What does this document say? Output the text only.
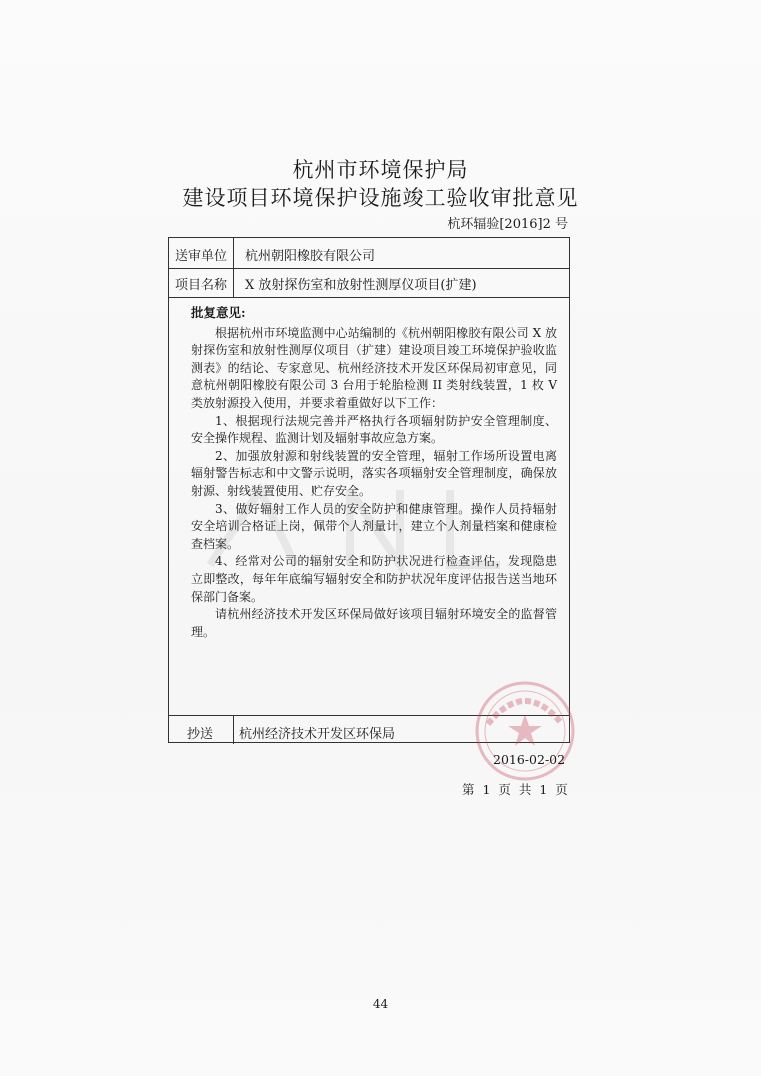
杭州市环境保护局
建设项目环境保护设施竣工验收审批意见
杭环辐验[2016]2 号
送审单位 杭州朝阳橡胶有限公司
项目名称 X 放射探伤室和放射性测厚仪项目(扩建)
批复意见:

根据杭州市环境监测中心站编制的《杭州朝阳橡胶有限公司 X 放射探伤室和放射性测厚仪项目（扩建）建设项目竣工环境保护验收监测表》的结论、专家意见、杭州经济技术开发区环保局初审意见，同意杭州朝阳橡胶有限公司 3 台用于轮胎检测 II 类射线装置，1 枚 V 类放射源投入使用，并要求着重做好以下工作：

1、根据现行法规完善并严格执行各项辐射防护安全管理制度、安全操作规程、监测计划及辐射事故应急方案。

2、加强放射源和射线装置的安全管理，辐射工作场所设置电离辐射警告标志和中文警示说明，落实各项辐射安全管理制度，确保放射源、射线装置使用、贮存安全。

3、做好辐射工作人员的安全防护和健康管理。操作人员持辐射安全培训合格证上岗，佩带个人剂量计，建立个人剂量档案和健康检查档案。

4、经常对公司的辐射安全和防护状况进行检查评估，发现隐患立即整改，每年年底编写辐射安全和防护状况年度评估报告送当地环保部门备案。

请杭州经济技术开发区环保局做好该项目辐射环境安全的监督管理。

抄送 杭州经济技术开发区环保局
2016-02-02
第 1 页 共 1 页
44
